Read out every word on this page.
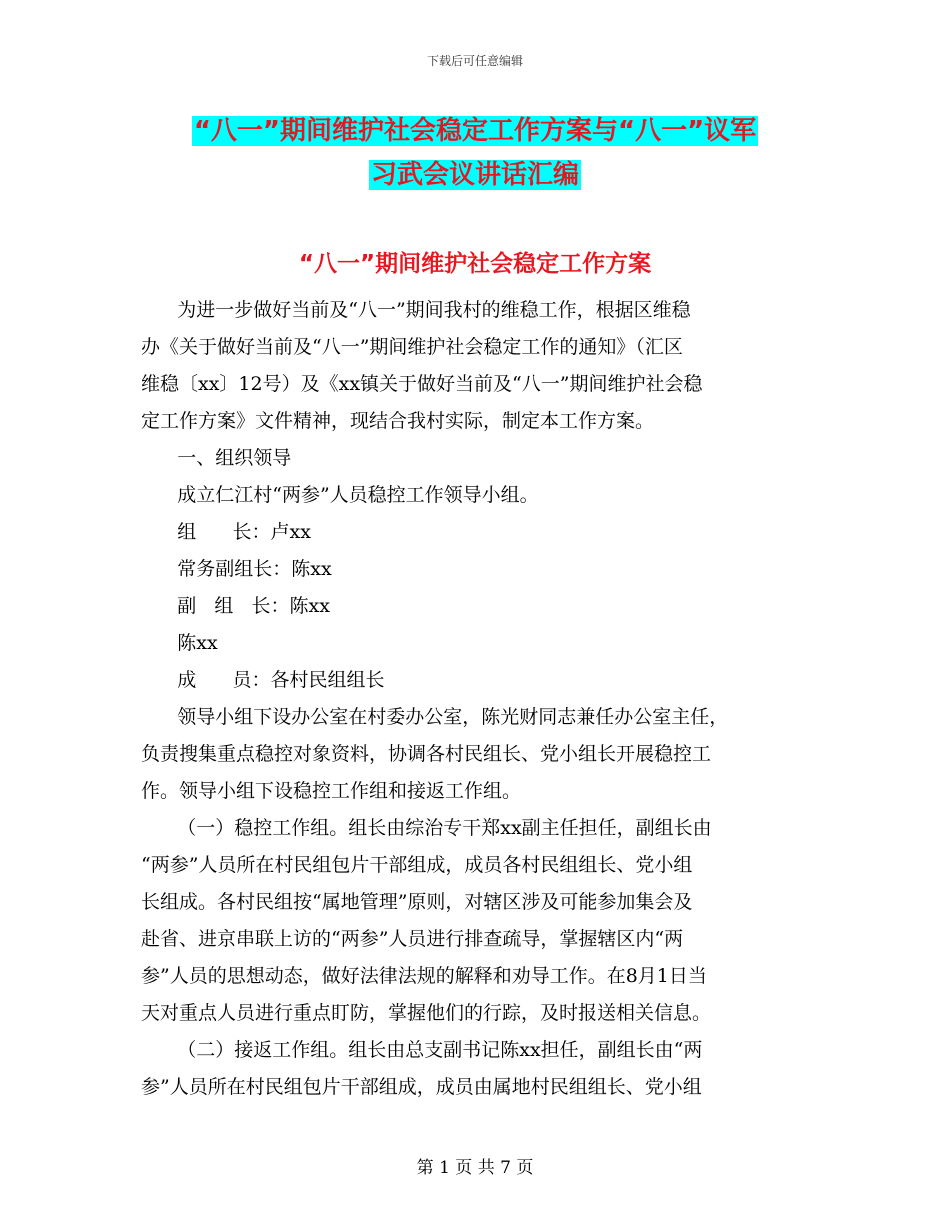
下载后可任意编辑
“八一”期间维护社会稳定工作方案与“八一”议军
习武会议讲话汇编
“八一”期间维护社会稳定工作方案
为进一步做好当前及“八一”期间我村的维稳工作，根据区维稳
办《关于做好当前及“八一”期间维护社会稳定工作的通知》（汇区
维稳〔xx〕12号）及《xx镇关于做好当前及“八一”期间维护社会稳
定工作方案》文件精神，现结合我村实际，制定本工作方案。
一、组织领导
成立仁江村“两参”人员稳控工作领导小组。
组      长：卢xx
常务副组长：陈xx
副   组   长：陈xx
陈xx
成      员：各村民组组长
领导小组下设办公室在村委办公室，陈光财同志兼任办公室主任，
负责搜集重点稳控对象资料，协调各村民组长、党小组长开展稳控工
作。领导小组下设稳控工作组和接返工作组。
（一）稳控工作组。组长由综治专干郑xx副主任担任，副组长由
“两参”人员所在村民组包片干部组成，成员各村民组组长、党小组
长组成。各村民组按“属地管理”原则，对辖区涉及可能参加集会及
赴省、进京串联上访的“两参”人员进行排查疏导，掌握辖区内“两
参”人员的思想动态，做好法律法规的解释和劝导工作。在8月1日当
天对重点人员进行重点盯防，掌握他们的行踪，及时报送相关信息。
（二）接返工作组。组长由总支副书记陈xx担任，副组长由“两
参”人员所在村民组包片干部组成，成员由属地村民组组长、党小组
第 1 页 共 7 页
